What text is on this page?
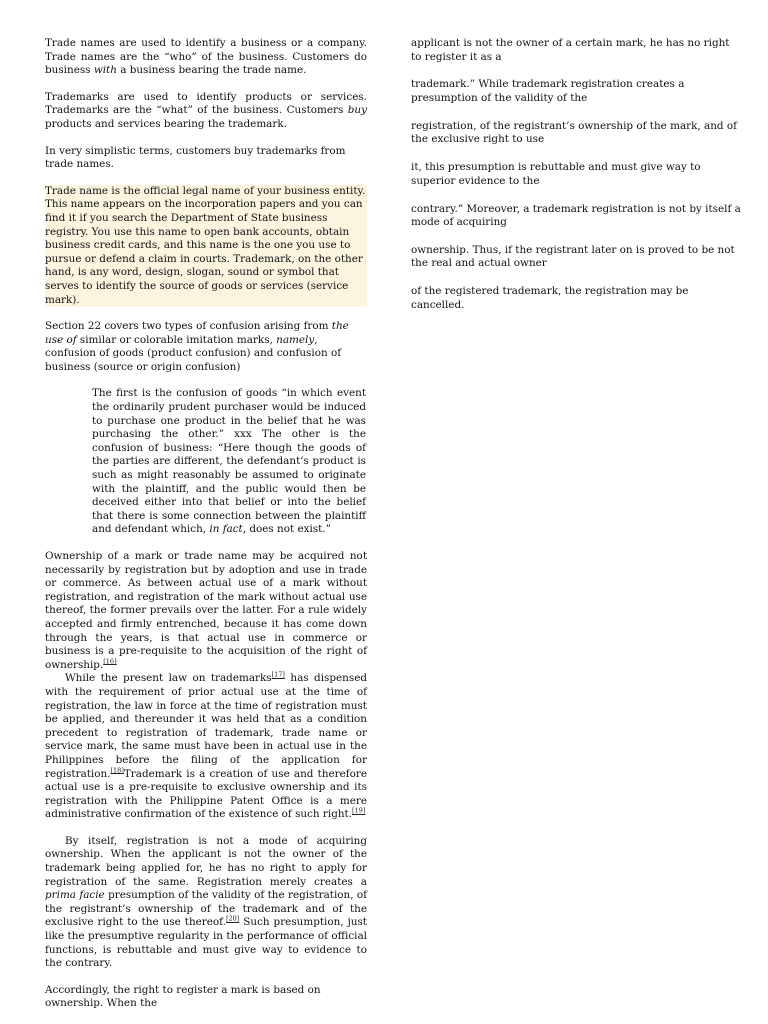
Trade names are used to identify a business or a company. Trade names are the “who” of the business. Customers do business with a business bearing the trade name.

Trademarks are used to identify products or services. Trademarks are the “what” of the business. Customers buy products and services bearing the trademark.

In very simplistic terms, customers buy trademarks from trade names.

Trade name is the official legal name of your business entity. This name appears on the incorporation papers and you can find it if you search the Department of State business registry. You use this name to open bank accounts, obtain business credit cards, and this name is the one you use to pursue or defend a claim in courts. Trademark, on the other hand, is any word, design, slogan, sound or symbol that serves to identify the source of goods or services (service mark).

Section 22 covers two types of confusion arising from the use of similar or colorable imitation marks, namely, confusion of goods (product confusion) and confusion of business (source or origin confusion)

The first is the confusion of goods “in which event the ordinarily prudent purchaser would be induced to purchase one product in the belief that he was purchasing the other.” xxx The other is the confusion of business: “Here though the goods of the parties are different, the defendant’s product is such as might reasonably be assumed to originate with the plaintiff, and the public would then be deceived either into that belief or into the belief that there is some connection between the plaintiff and defendant which, in fact, does not exist.”

Ownership of a mark or trade name may be acquired not necessarily by registration but by adoption and use in trade or commerce. As between actual use of a mark without registration, and registration of the mark without actual use thereof, the former prevails over the latter. For a rule widely accepted and firmly entrenched, because it has come down through the years, is that actual use in commerce or business is a pre-requisite to the acquisition of the right of ownership.[16]

While the present law on trademarks[17] has dispensed with the requirement of prior actual use at the time of registration, the law in force at the time of registration must be applied, and thereunder it was held that as a condition precedent to registration of trademark, trade name or service mark, the same must have been in actual use in the Philippines before the filing of the application for registration.[18]Trademark is a creation of use and therefore actual use is a pre-requisite to exclusive ownership and its registration with the Philippine Patent Office is a mere administrative confirmation of the existence of such right.[19]

By itself, registration is not a mode of acquiring ownership. When the applicant is not the owner of the trademark being applied for, he has no right to apply for registration of the same. Registration merely creates a prima facie presumption of the validity of the registration, of the registrant’s ownership of the trademark and of the exclusive right to the use thereof.[20] Such presumption, just like the presumptive regularity in the performance of official functions, is rebuttable and must give way to evidence to the contrary.

Accordingly, the right to register a mark is based on ownership. When the

applicant is not the owner of a certain mark, he has no right to register it as a

trademark.” While trademark registration creates a presumption of the validity of the

registration, of the registrant’s ownership of the mark, and of the exclusive right to use

it, this presumption is rebuttable and must give way to superior evidence to the

contrary.” Moreover, a trademark registration is not by itself a mode of acquiring

ownership. Thus, if the registrant later on is proved to be not the real and actual owner

of the registered trademark, the registration may be cancelled.
